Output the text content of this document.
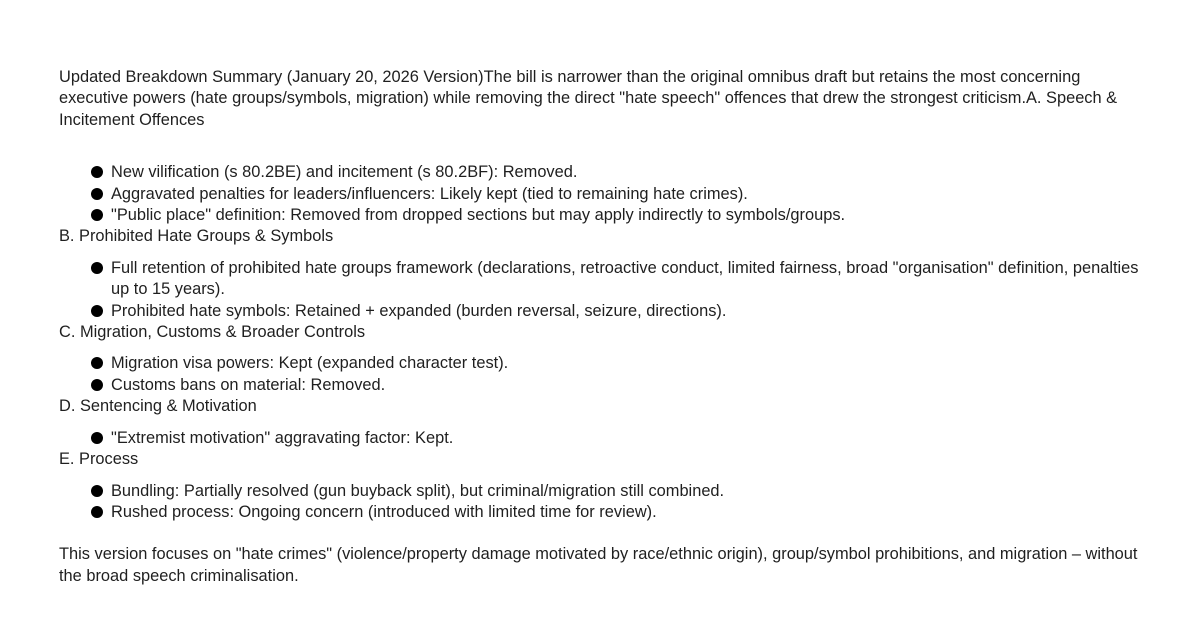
Updated Breakdown Summary (January 20, 2026 Version)The bill is narrower than the original omnibus draft but retains the most concerning executive powers (hate groups/symbols, migration) while removing the direct "hate speech" offences that drew the strongest criticism.A. Speech & Incitement Offences

New vilification (s 80.2BE) and incitement (s 80.2BF): Removed.
Aggravated penalties for leaders/influencers: Likely kept (tied to remaining hate crimes).
"Public place" definition: Removed from dropped sections but may apply indirectly to symbols/groups.

B. Prohibited Hate Groups & Symbols

Full retention of prohibited hate groups framework (declarations, retroactive conduct, limited fairness, broad "organisation" definition, penalties up to 15 years).
Prohibited hate symbols: Retained + expanded (burden reversal, seizure, directions).

C. Migration, Customs & Broader Controls

Migration visa powers: Kept (expanded character test).
Customs bans on material: Removed.

D. Sentencing & Motivation

"Extremist motivation" aggravating factor: Kept.

E. Process

Bundling: Partially resolved (gun buyback split), but criminal/migration still combined.
Rushed process: Ongoing concern (introduced with limited time for review).

This version focuses on "hate crimes" (violence/property damage motivated by race/ethnic origin), group/symbol prohibitions, and migration – without the broad speech criminalisation.
